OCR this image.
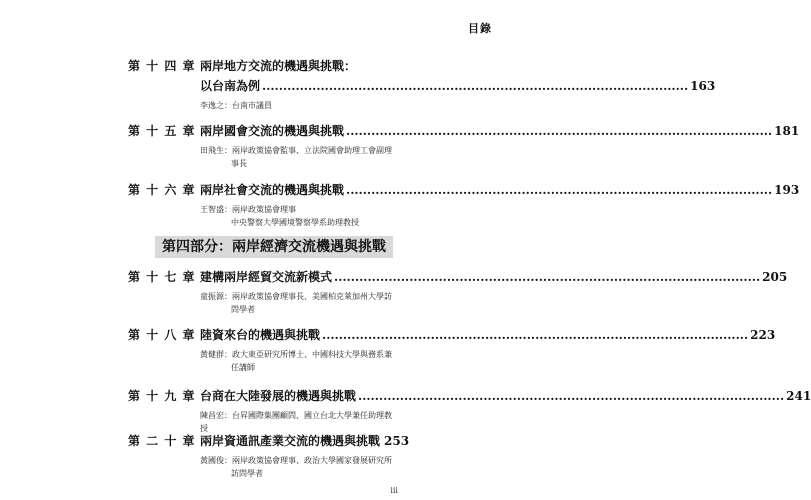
目錄
第 十 四 章 兩岸地方交流的機遇與挑戰：
以台南為例 ...................................................................................................... 163
李逸之：台南市議員
第 十 五 章 兩岸國會交流的機遇與挑戰 ...................................................................................................... 181
田飛生：兩岸政策協會監事、立法院國會助理工會副理
事長
第 十 六 章 兩岸社會交流的機遇與挑戰 ...................................................................................................... 193
王智盛：兩岸政策協會理事
中央警察大學國境警察學系助理教授
第四部分：兩岸經濟交流機遇與挑戰
第 十 七 章 建構兩岸經貿交流新模式 ...................................................................................................... 205
童振源：兩岸政策協會理事長、美國柏克萊加州大學訪
問學者
第 十 八 章 陸資來台的機遇與挑戰 ...................................................................................................... 223
黃健群：政大東亞研究所博士、中國科技大學與務系兼
任講師
第 十 九 章 台商在大陸發展的機遇與挑戰 ...................................................................................................... 241
陳昌宏：台昇國際集團顧問、國立台北大學兼任助理教授
第 二 十 章 兩岸資通訊產業交流的機遇與挑戰 253
黃國俊：兩岸政策協會理事、政治大學國家發展研究所
訪問學者
iii
